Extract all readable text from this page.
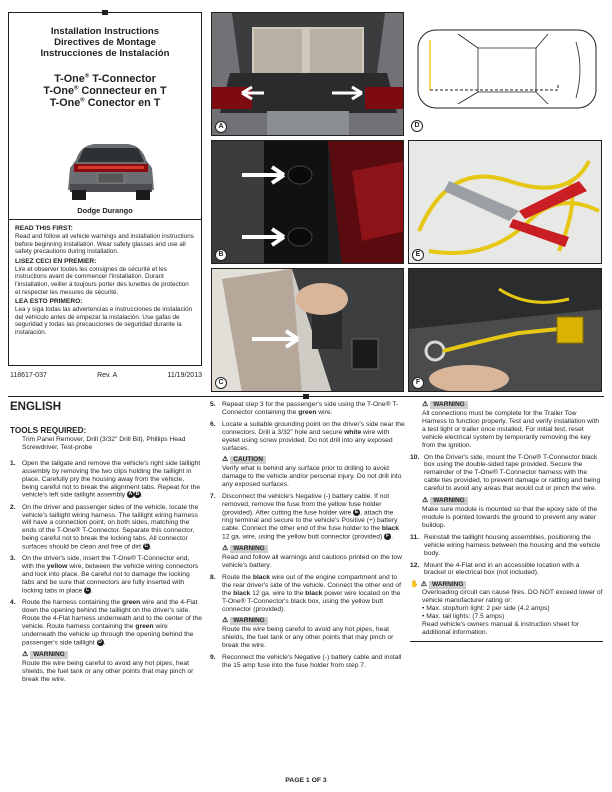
Installation Instructions
Directives de Montage
Instrucciones de Instalación
T-One® T-Connector
T-One® Connecteur en T
T-One® Conector en T
Dodge Durango
READ THIS FIRST:
Read and follow all vehicle warnings and installation instructions before beginning installation. Wear safety glasses and use all safety precautions during installation.
LISEZ CECI EN PREMIER:
Lire et observer toutes les consignes de sécurité et les instructions avant de commencer l'installation. Durant l'installation, veiller à toujours porter des lunettes de protection et respecter les mesures de sécurité.
LEA ESTO PRIMERO:
Lea y siga todas las advertencias e instrucciones de instalación del vehículo antes de empezar la instalación. Use gafas de seguridad y todas las precauciones de seguridad durante la instalación.
118617-037	Rev. A	11/19/2013
A	D
B	E
C	F
ENGLISH
TOOLS REQUIRED:
Trim Panel Remover, Drill (3/32" Drill Bit), Phillips Head Screwdriver, Test-probe
1. Open the tailgate and remove the vehicle's right side taillight assembly by removing the two clips holding the taillight in place. Carefully pry the housing away from the vehicle, being careful not to break the alignment tabs. Repeat for the vehicle's left side taillight assembly A B .
2. On the driver and passenger sides of the vehicle, locate the vehicle's taillight wiring harness. The taillight wiring harness will have a connection point, on both sides, matching the ends of the T-One® T-Connector. Separate this connector, being careful not to break the locking tabs. All connector surfaces should be clean and free of dirt C .
3. On the driver's side, insert the T-One® T-Connector end, with the yellow wire, between the vehicle wiring connectors and lock into place. Be careful not to damage the locking tabs and be sure that connectors are fully inserted with locking tabs in place C .
4. Route the harness containing the green wire and the 4-Flat down the opening behind the taillight on the driver's side. Route the 4-Flat harness underneath and to the center of the vehicle. Route harness containing the green wire underneath the vehicle up through the opening behind the passenger's side taillight D .
⚠ WARNING
Route the wire being careful to avoid any hot pipes, heat shields, the fuel tank or any other points that may pinch or break the wire.
5. Repeat step 3 for the passenger's side using the T-One® T-Connector containing the green wire.
6. Locate a suitable grounding point on the driver's side near the connectors. Drill a 3/32" hole and secure white wire with eyelet using screw provided. Do not drill into any exposed surfaces.
⚠ CAUTION
Verify what is behind any surface prior to drilling to avoid damage to the vehicle and/or personal injury. Do not drill into any exposed surfaces.
7. Disconnect the vehicle's Negative (-) battery cable. If not removed, remove the fuse from the yellow fuse holder (provided). After cutting the fuse holder wire E , attach the ring terminal and secure to the vehicle's Positive (+) battery cable. Connect the other end of the fuse holder to the black 12 ga. wire, using the yellow butt connector (provided) F .
⚠ WARNING
Read and follow all warnings and cautions printed on the tow vehicle's battery.
8. Route the black wire out of the engine compartment and to the rear driver's side of the vehicle. Connect the other end of the black 12 ga. wire to the black power wire located on the T-One® T-Connector's black box, using the yellow butt connector (provided).
⚠ WARNING
Route the wire being careful to avoid any hot pipes, heat shields, the fuel tank or any other points that may pinch or break the wire.
9. Reconnect the vehicle's Negative (-) battery cable and install the 15 amp fuse into the fuse holder from step 7.
⚠ WARNING
All connections must be complete for the Trailer Tow Harness to function properly. Test and verify installation with a test light or trailer once installed. For initial test, reset vehicle electrical system by temporarily removing the key from the ignition.
10. On the Driver's side, mount the T-One® T-Connector black box using the double-sided tape provided. Secure the remainder of the T-One® T-Connector harness with the cable ties provided, to prevent damage or rattling and being careful to avoid any areas that would cut or pinch the wire.
⚠ WARNING
Make sure module is mounted so that the epoxy side of the module is pointed towards the ground to prevent any water buildup.
11. Reinstall the taillight housing assemblies, positioning the vehicle wiring harness between the housing and the vehicle body.
12. Mount the 4-Flat end in an accessible location with a bracket or electrical box (not included).
✋ ⚠ WARNING
Overloading circuit can cause fires. DO NOT exceed lower of vehicle manufacturer rating or:
• Max. stop/turn light: 2 per side (4.2 amps)
• Max. tail lights: (7.5 amps)
Read vehicle's owners manual & instruction sheet for additional information.
PAGE 1 OF 3
